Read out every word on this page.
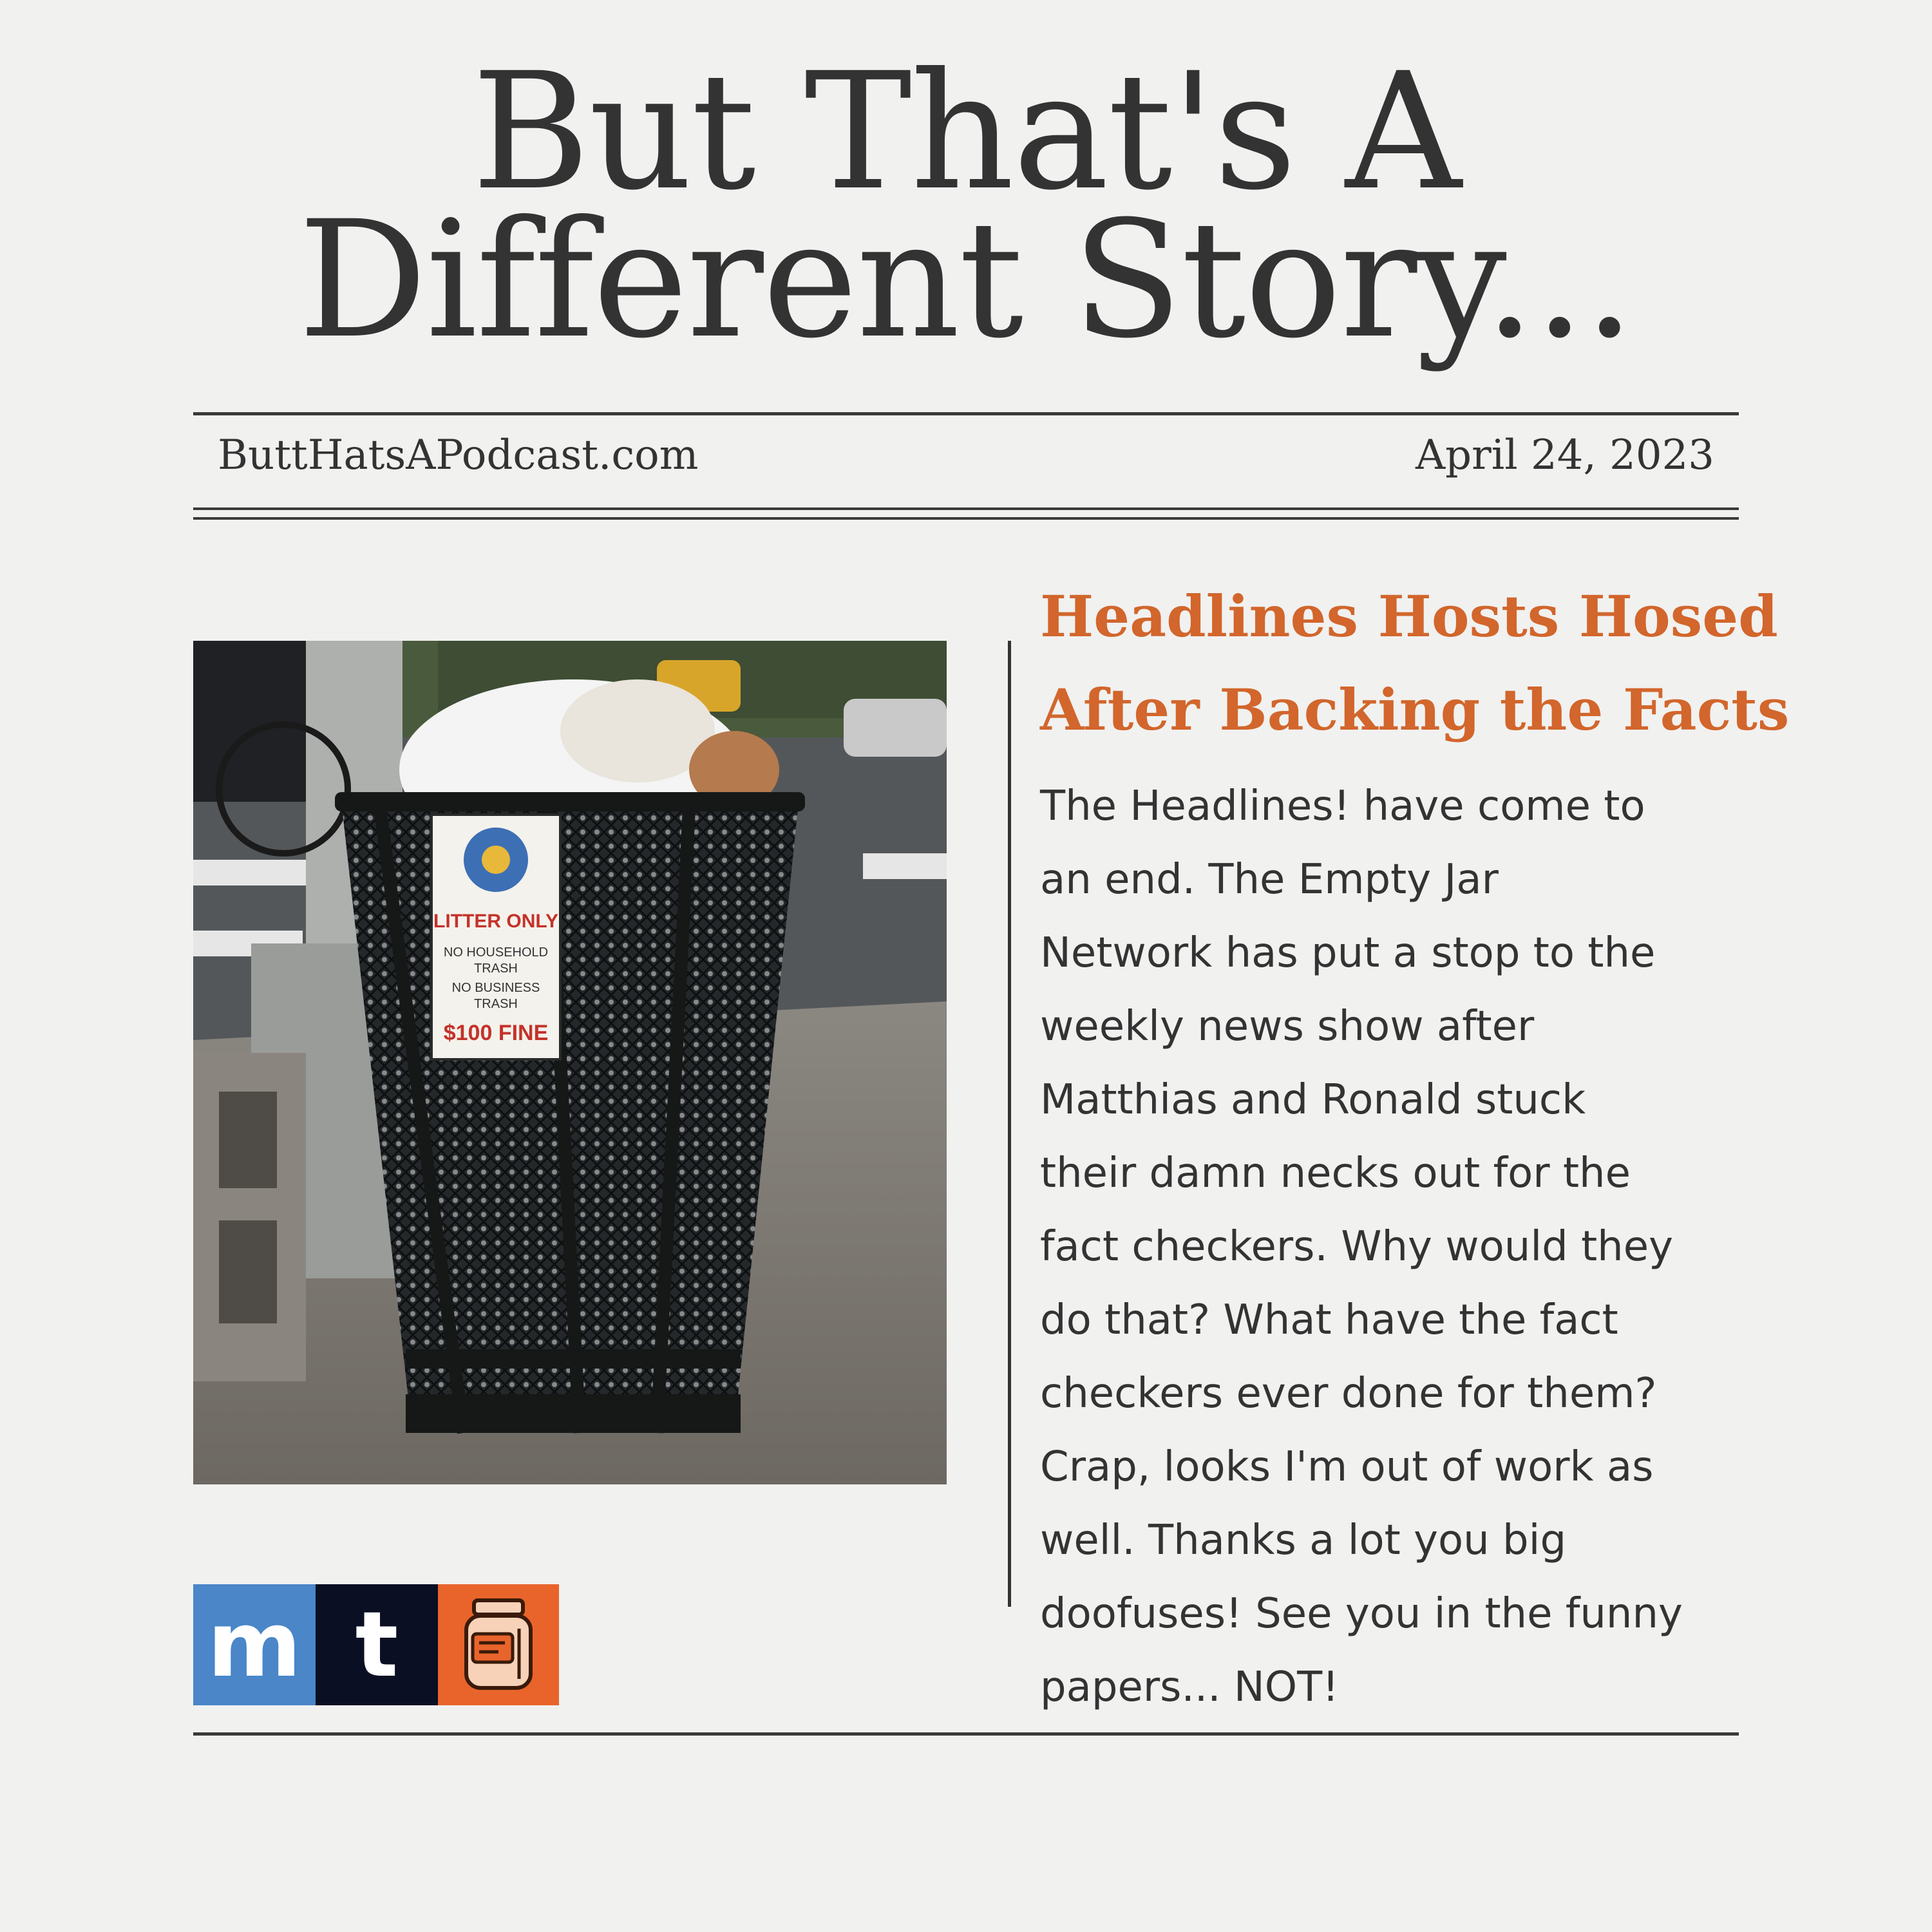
But That's A
Different Story...
ButtHatsAPodcast.com	April 24, 2023
LITTER ONLY
NO HOUSEHOLD
TRASH
NO BUSINESS
TRASH
$100 FINE
Headlines Hosts Hosed
After Backing the Facts
The Headlines! have come to
an end. The Empty Jar
Network has put a stop to the
weekly news show after
Matthias and Ronald stuck
their damn necks out for the
fact checkers. Why would they
do that? What have the fact
checkers ever done for them?
Crap, looks I'm out of work as
well. Thanks a lot you big
doofuses! See you in the funny
papers... NOT!
m t
